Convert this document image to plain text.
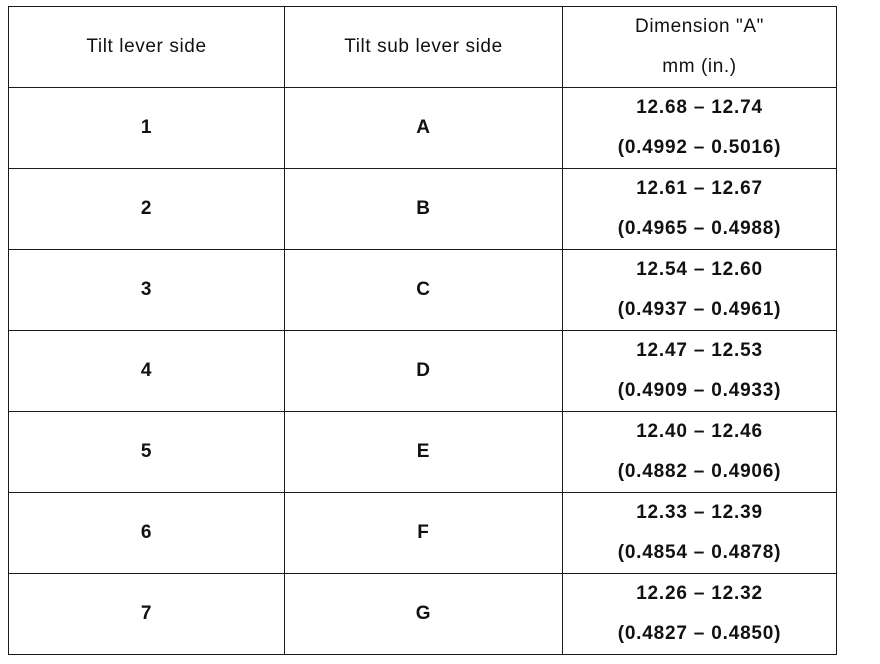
Tilt lever side	Tilt sub lever side	Dimension "A"
mm (in.)

1	A	12.68 – 12.74
(0.4992 – 0.5016)

2	B	12.61 – 12.67
(0.4965 – 0.4988)

3	C	12.54 – 12.60
(0.4937 – 0.4961)

4	D	12.47 – 12.53
(0.4909 – 0.4933)

5	E	12.40 – 12.46
(0.4882 – 0.4906)

6	F	12.33 – 12.39
(0.4854 – 0.4878)

7	G	12.26 – 12.32
(0.4827 – 0.4850)
